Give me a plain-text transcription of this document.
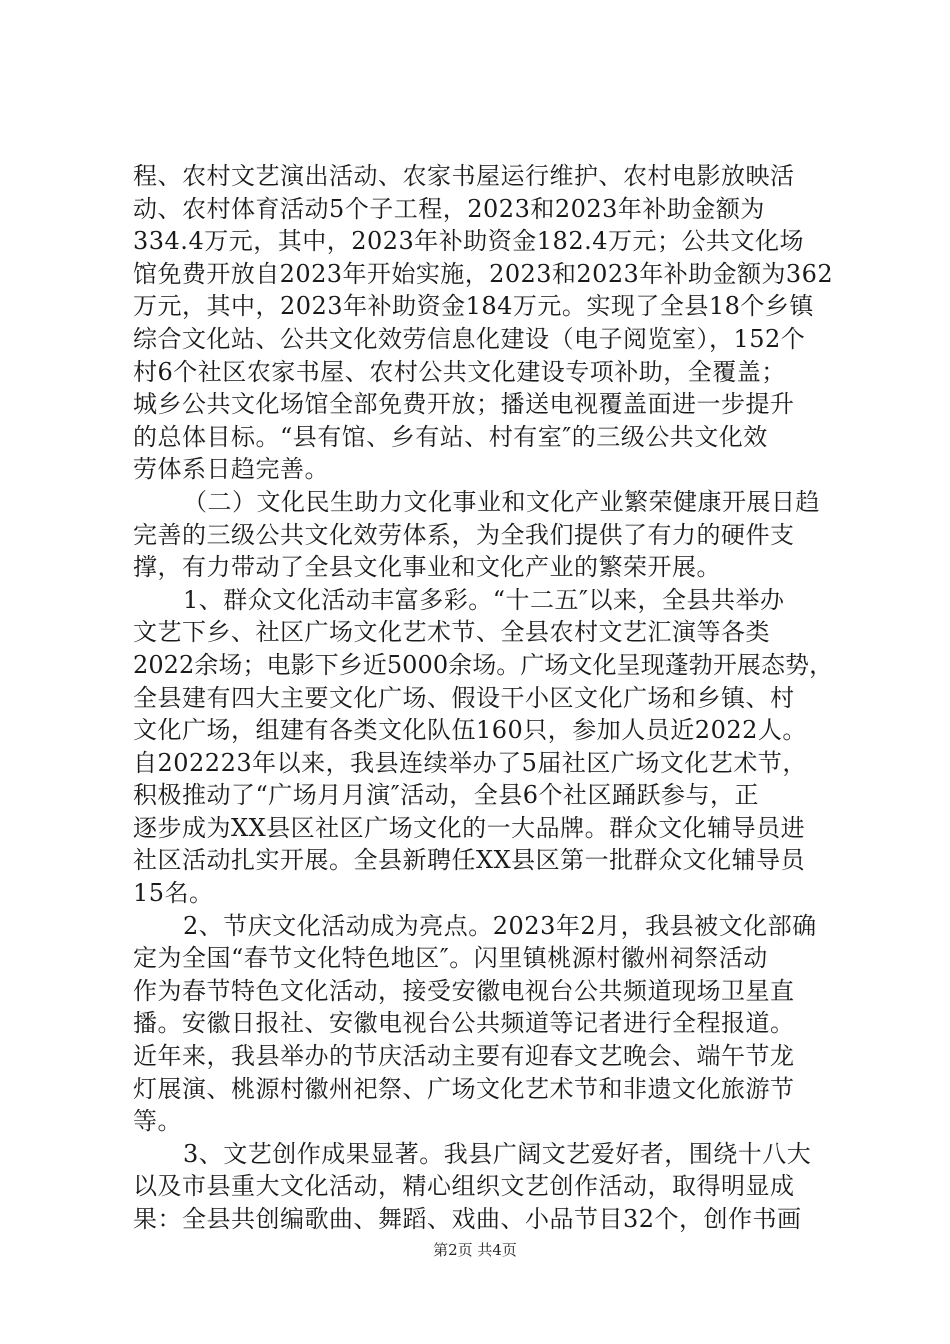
程、农村文艺演出活动、农家书屋运行维护、农村电影放映活
动、农村体育活动5个子工程，2023和2023年补助金额为
334.4万元，其中，2023年补助资金182.4万元；公共文化场
馆免费开放自2023年开始实施，2023和2023年补助金额为362
万元，其中，2023年补助资金184万元。实现了全县18个乡镇
综合文化站、公共文化效劳信息化建设（电子阅览室），152个
村6个社区农家书屋、农村公共文化建设专项补助，全覆盖；
城乡公共文化场馆全部免费开放；播送电视覆盖面进一步提升
的总体目标。“县有馆、乡有站、村有室″的三级公共文化效
劳体系日趋完善。
（二）文化民生助力文化事业和文化产业繁荣健康开展日趋
完善的三级公共文化效劳体系，为全我们提供了有力的硬件支
撑，有力带动了全县文化事业和文化产业的繁荣开展。
1、群众文化活动丰富多彩。“十二五″以来，全县共举办
文艺下乡、社区广场文化艺术节、全县农村文艺汇演等各类
2022余场；电影下乡近5000余场。广场文化呈现蓬勃开展态势，
全县建有四大主要文化广场、假设干小区文化广场和乡镇、村
文化广场，组建有各类文化队伍160只，参加人员近2022人。
自202223年以来，我县连续举办了5届社区广场文化艺术节，
积极推动了“广场月月演″活动，全县6个社区踊跃参与，正
逐步成为XX县区社区广场文化的一大品牌。群众文化辅导员进
社区活动扎实开展。全县新聘任XX县区第一批群众文化辅导员
15名。
2、节庆文化活动成为亮点。2023年2月，我县被文化部确
定为全国“春节文化特色地区″。闪里镇桃源村徽州祠祭活动
作为春节特色文化活动，接受安徽电视台公共频道现场卫星直
播。安徽日报社、安徽电视台公共频道等记者进行全程报道。
近年来，我县举办的节庆活动主要有迎春文艺晚会、端午节龙
灯展演、桃源村徽州祀祭、广场文化艺术节和非遗文化旅游节
等。
3、文艺创作成果显著。我县广阔文艺爱好者，围绕十八大
以及市县重大文化活动，精心组织文艺创作活动，取得明显成
果：全县共创编歌曲、舞蹈、戏曲、小品节目32个，创作书画
第2页 共4页
